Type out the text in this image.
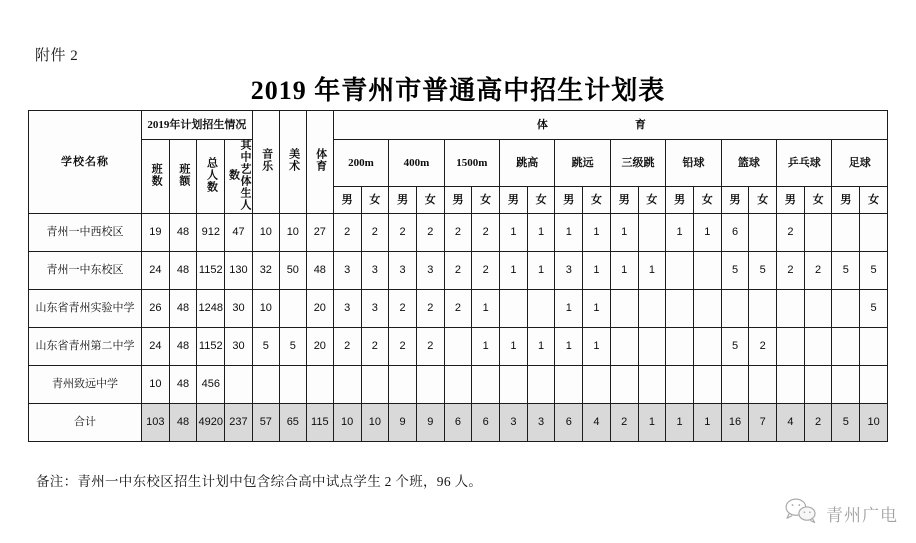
附件 2
2019 年青州市普通高中招生计划表
学校名称	2019年计划招生情况				音乐	美术	体育	体　育																			
	班数	班额	总人数	其中艺体生人数				200m		400m		1500m		跳高		跳远		三级跳		铅球		篮球		乒乓球		足球	
								男	女	男	女	男	女	男	女	男	女	男	女	男	女	男	女	男	女	男	女
青州一中西校区	19	48	912	47	10	10	27	2	2	2	2	2	2	1	1	1	1	1		1	1	6		2			
青州一中东校区	24	48	1152	130	32	50	48	3	3	3	3	2	2	1	1	3	1	1	1			5	5	2	2	5	5
山东省青州实验中学	26	48	1248	30	10		20	3	3	2	2	2	1			1	1										5
山东省青州第二中学	24	48	1152	30	5	5	20	2	2	2	2		1	1	1	1	1					5	2				
青州致远中学	10	48	456																								
合计	103	48	4920	237	57	65	115	10	10	9	9	6	6	3	3	6	4	2	1	1	1	16	7	4	2	5	10
备注：青州一中东校区招生计划中包含综合高中试点学生 2 个班，96 人。
青州广电
